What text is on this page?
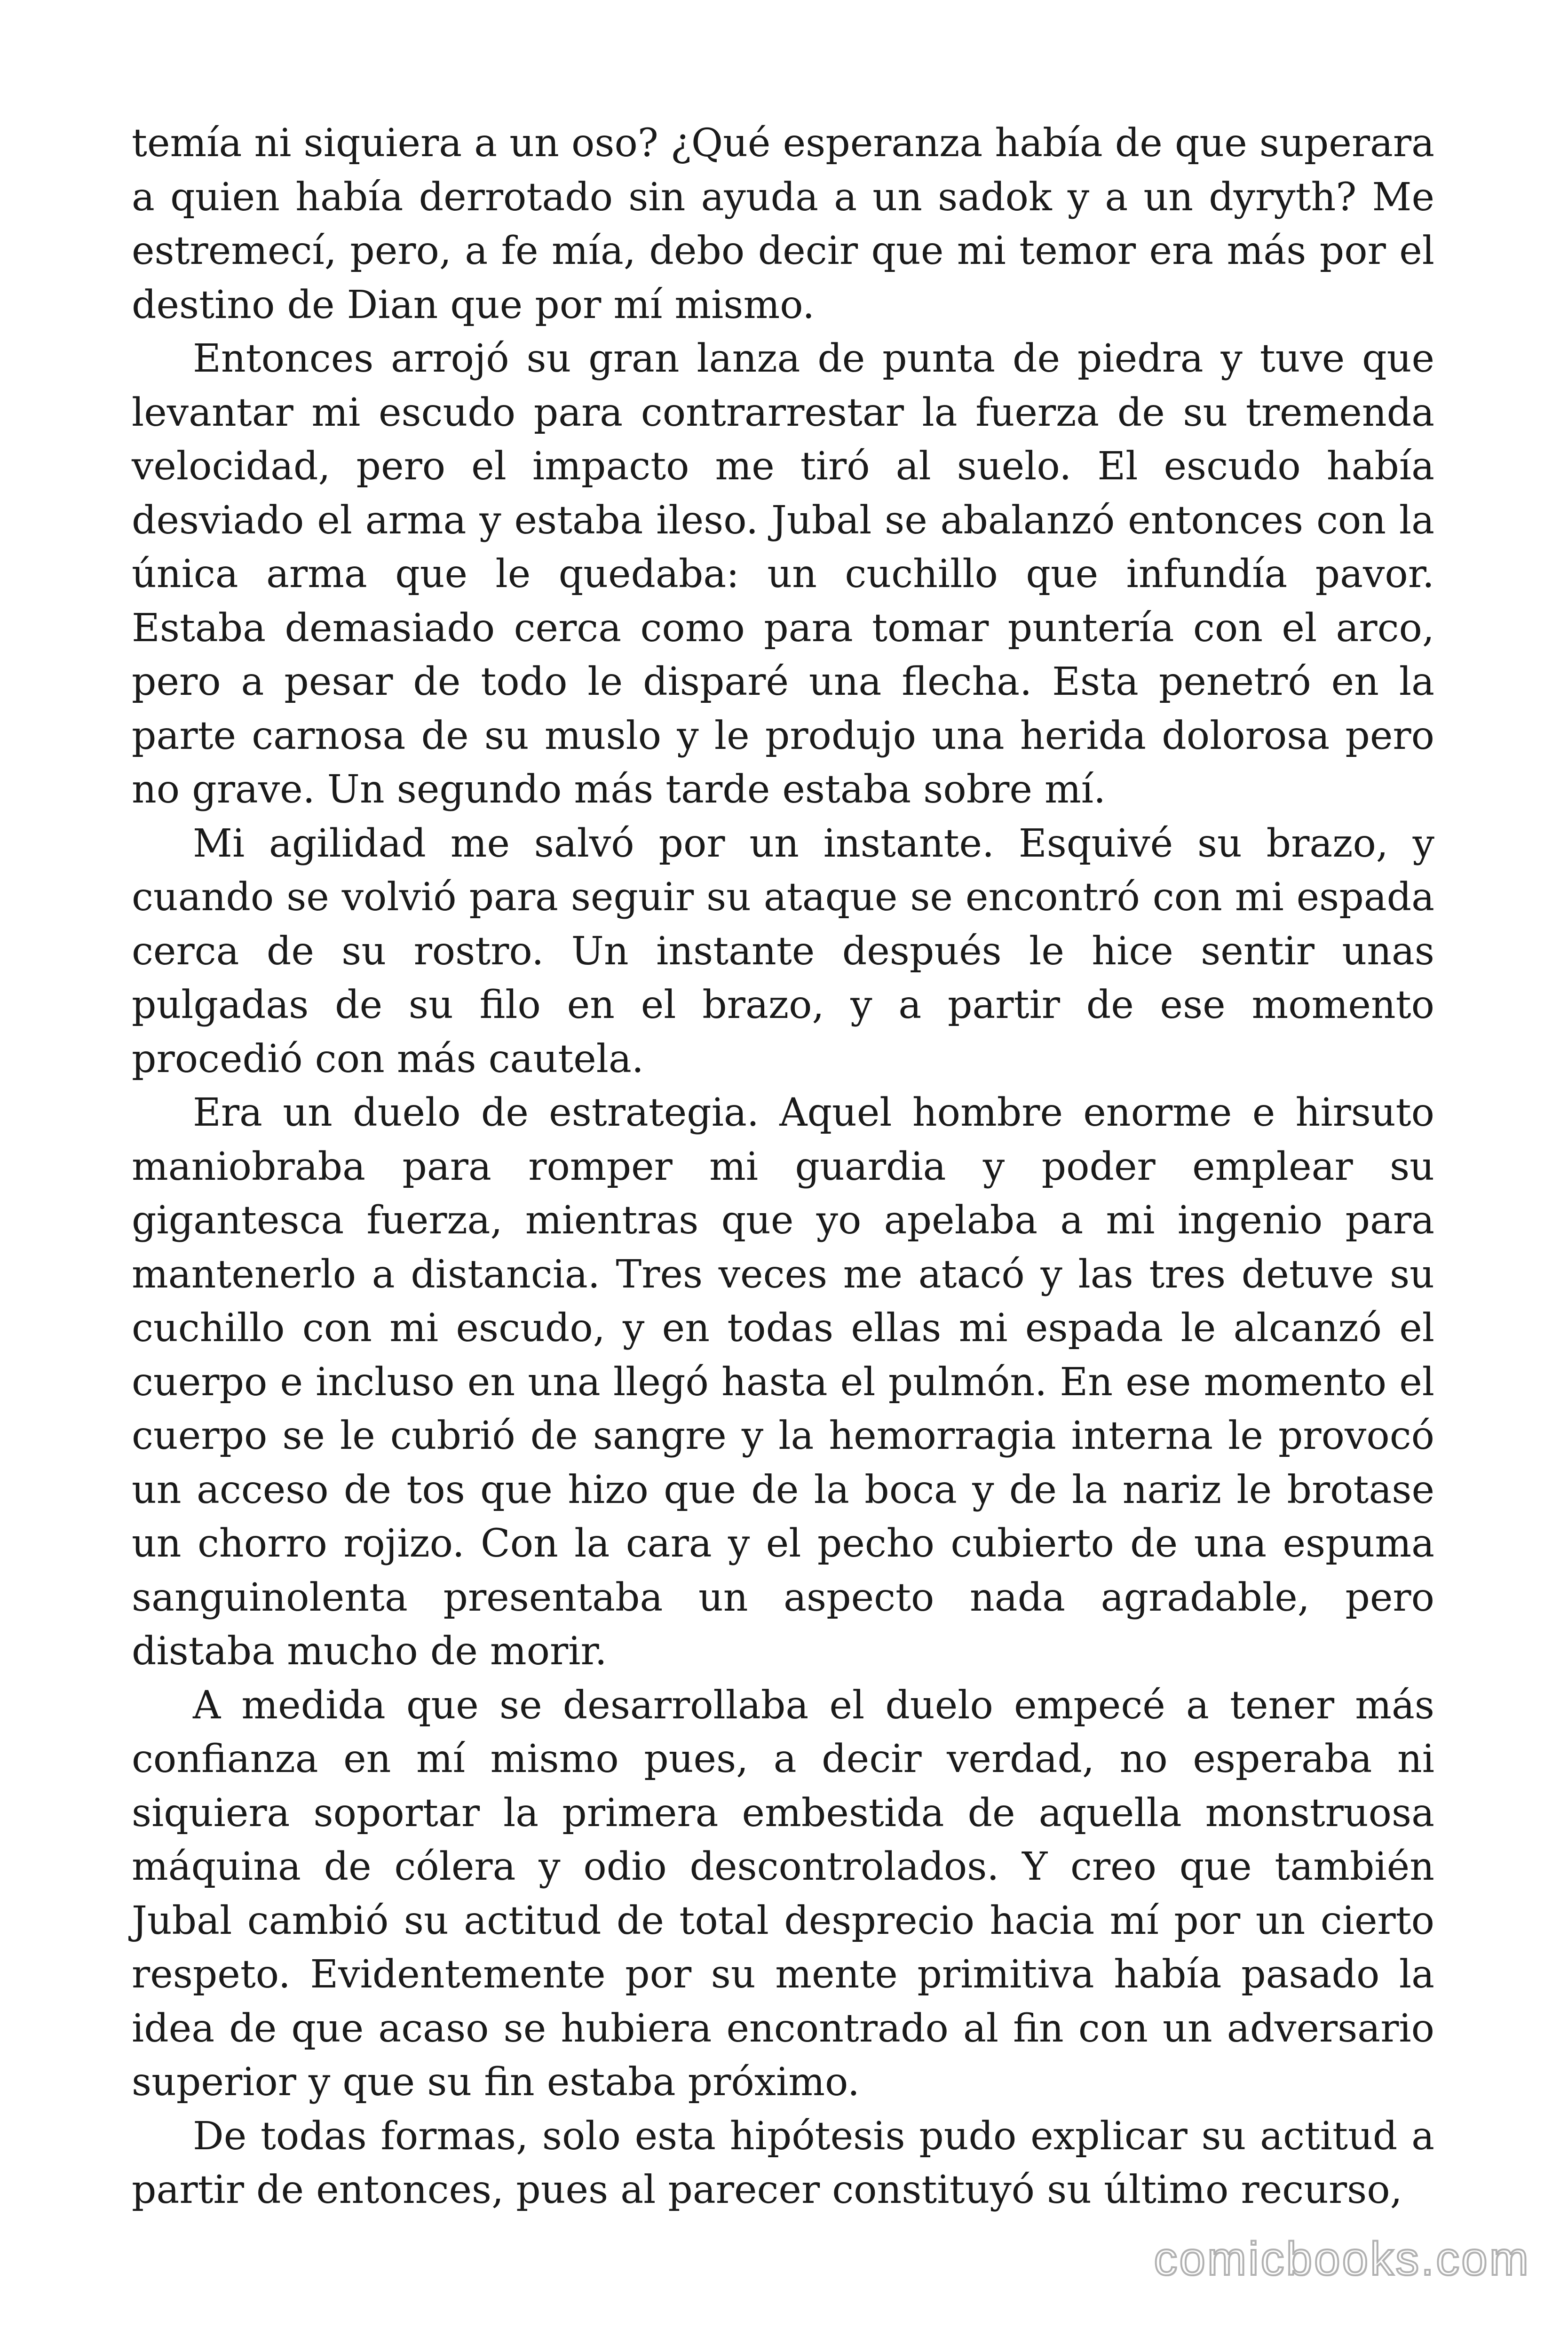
temía ni siquiera a un oso? ¿Qué esperanza había de que superara a quien había derrotado sin ayuda a un sadok y a un dyryth? Me estremecí, pero, a fe mía, debo decir que mi temor era más por el destino de Dian que por mí mismo.

Entonces arrojó su gran lanza de punta de piedra y tuve que levantar mi escudo para contrarrestar la fuerza de su tremenda velocidad, pero el impacto me tiró al suelo. El escudo había desviado el arma y estaba ileso. Jubal se abalanzó entonces con la única arma que le quedaba: un cuchillo que infundía pavor. Estaba demasiado cerca como para tomar puntería con el arco, pero a pesar de todo le disparé una flecha. Esta penetró en la parte carnosa de su muslo y le produjo una herida dolorosa pero no grave. Un segundo más tarde estaba sobre mí.

Mi agilidad me salvó por un instante. Esquivé su brazo, y cuando se volvió para seguir su ataque se encontró con mi espada cerca de su rostro. Un instante después le hice sentir unas pulgadas de su filo en el brazo, y a partir de ese momento procedió con más cautela.

Era un duelo de estrategia. Aquel hombre enorme e hirsuto maniobraba para romper mi guardia y poder emplear su gigantesca fuerza, mientras que yo apelaba a mi ingenio para mantenerlo a distancia. Tres veces me atacó y las tres detuve su cuchillo con mi escudo, y en todas ellas mi espada le alcanzó el cuerpo e incluso en una llegó hasta el pulmón. En ese momento el cuerpo se le cubrió de sangre y la hemorragia interna le provocó un acceso de tos que hizo que de la boca y de la nariz le brotase un chorro rojizo. Con la cara y el pecho cubierto de una espuma sanguinolenta presentaba un aspecto nada agradable, pero distaba mucho de morir.

A medida que se desarrollaba el duelo empecé a tener más confianza en mí mismo pues, a decir verdad, no esperaba ni siquiera soportar la primera embestida de aquella monstruosa máquina de cólera y odio descontrolados. Y creo que también Jubal cambió su actitud de total desprecio hacia mí por un cierto respeto. Evidentemente por su mente primitiva había pasado la idea de que acaso se hubiera encontrado al fin con un adversario superior y que su fin estaba próximo.

De todas formas, solo esta hipótesis pudo explicar su actitud a partir de entonces, pues al parecer constituyó su último recurso,

comicbooks.com
